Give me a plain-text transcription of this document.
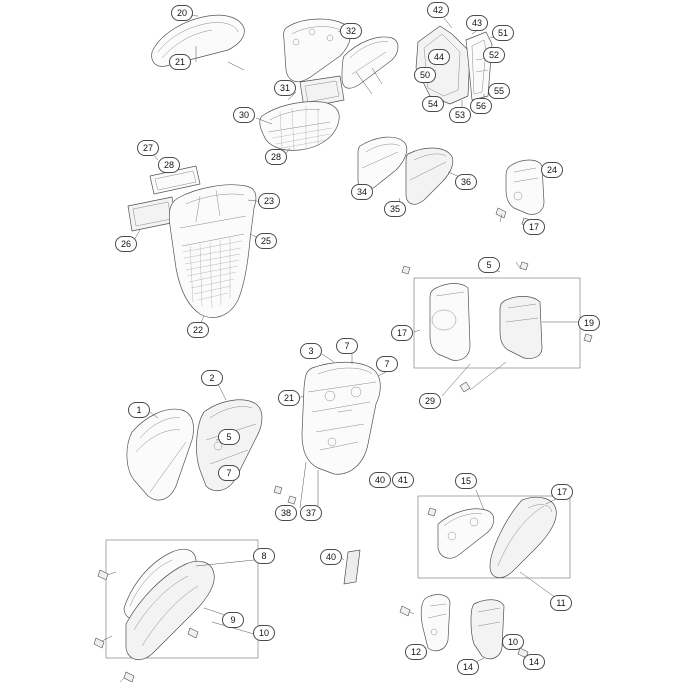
20
21
32
42
43
51
44	52
50
55
54	56
53
31
30
27
28
28	24
36
34
23
35
17
25
26
5
19
22	17
7
3
7
2
21	29
1
5
7
15
40	41
17
38	37
8	40
11
9
10
10
12
14
14
